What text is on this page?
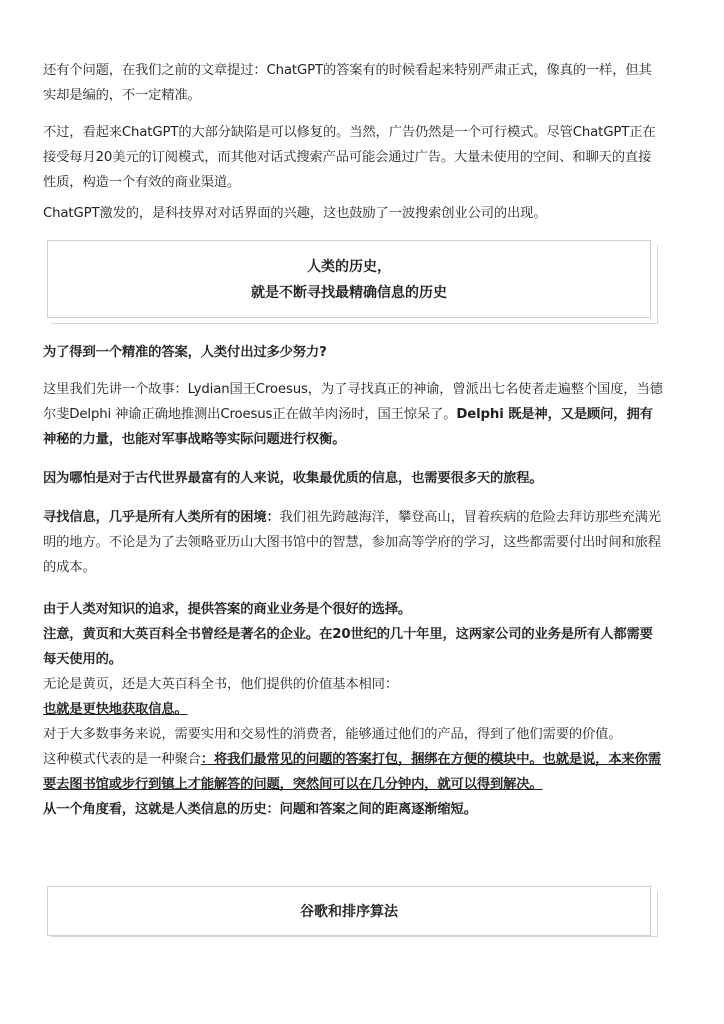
还有个问题，在我们之前的文章提过：ChatGPT的答案有的时候看起来特别严肃正式，像真的一样，但其实却是编的，不一定精准。

不过，看起来ChatGPT的大部分缺陷是可以修复的。当然，广告仍然是一个可行模式。尽管ChatGPT正在接受每月20美元的订阅模式，而其他对话式搜索产品可能会通过广告。大量未使用的空间、和聊天的直接性质，构造一个有效的商业渠道。

ChatGPT激发的，是科技界对对话界面的兴趣，这也鼓励了一波搜索创业公司的出现。

人类的历史，
就是不断寻找最精确信息的历史

为了得到一个精准的答案，人类付出过多少努力?

这里我们先讲一个故事：Lydian国王Croesus，为了寻找真正的神谕，曾派出七名使者走遍整个国度，当德尔斐Delphi 神谕正确地推测出Croesus正在做羊肉汤时，国王惊呆了。Delphi 既是神，又是顾问，拥有神秘的力量，也能对军事战略等实际问题进行权衡。

因为哪怕是对于古代世界最富有的人来说，收集最优质的信息，也需要很多天的旅程。

寻找信息，几乎是所有人类所有的困境：我们祖先跨越海洋，攀登高山，冒着疾病的危险去拜访那些充满光明的地方。不论是为了去领略亚历山大图书馆中的智慧，参加高等学府的学习，这些都需要付出时间和旅程的成本。

由于人类对知识的追求，提供答案的商业业务是个很好的选择。
注意，黄页和大英百科全书曾经是著名的企业。在20世纪的几十年里，这两家公司的业务是所有人都需要每天使用的。
无论是黄页，还是大英百科全书，他们提供的价值基本相同：
也就是更快地获取信息。
对于大多数事务来说，需要实用和交易性的消费者，能够通过他们的产品，得到了他们需要的价值。
这种模式代表的是一种聚合：将我们最常见的问题的答案打包，捆绑在方便的模块中。也就是说，本来你需要去图书馆或步行到镇上才能解答的问题，突然间可以在几分钟内，就可以得到解决。
从一个角度看，这就是人类信息的历史：问题和答案之间的距离逐渐缩短。
谷歌和排序算法
